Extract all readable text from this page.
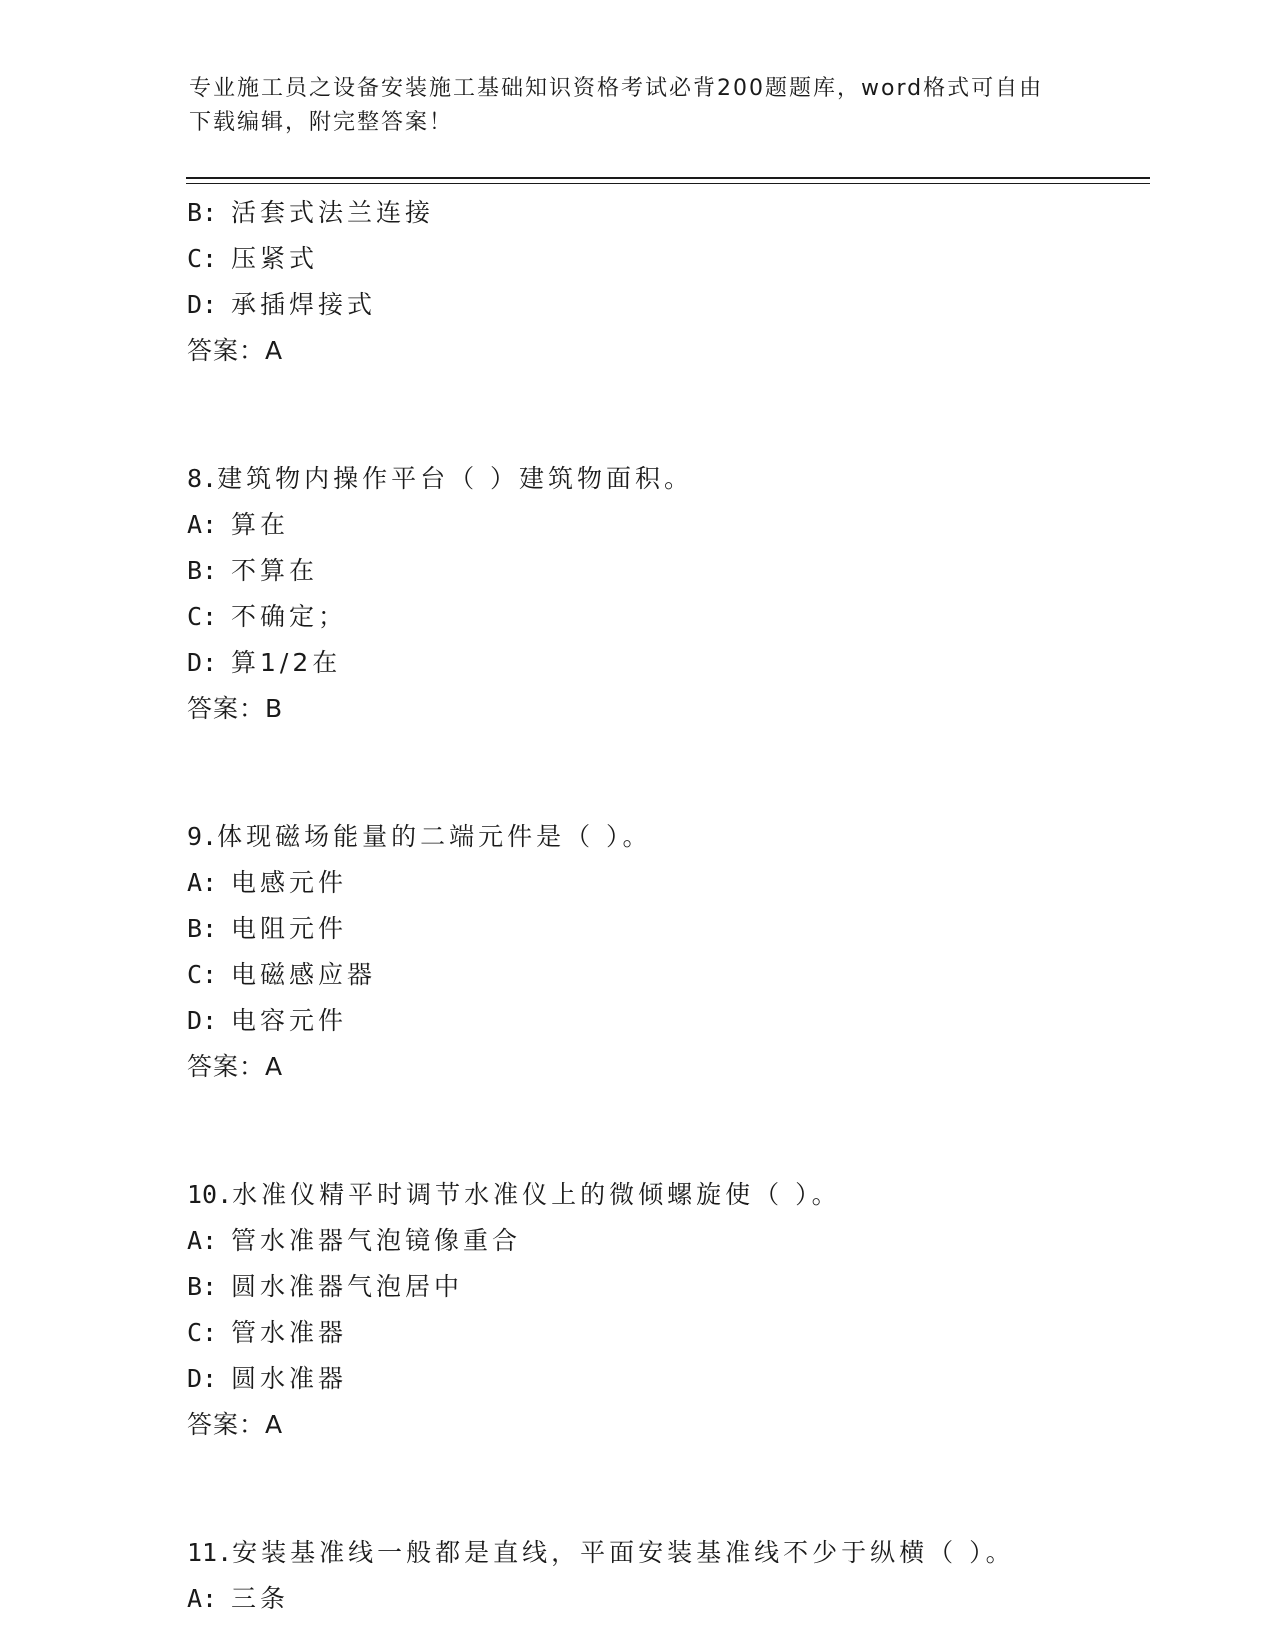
专业施工员之设备安装施工基础知识资格考试必背200题题库，word格式可自由
下载编辑，附完整答案！
B: 活套式法兰连接
C: 压紧式
D: 承插焊接式
答案：A
8.建筑物内操作平台（ ）建筑物面积。
A: 算在
B: 不算在
C: 不确定；
D: 算1/2在
答案：B
9.体现磁场能量的二端元件是（ ）。
A: 电感元件
B: 电阻元件
C: 电磁感应器
D: 电容元件
答案：A
10.水准仪精平时调节水准仪上的微倾螺旋使（ ）。
A: 管水准器气泡镜像重合
B: 圆水准器气泡居中
C: 管水准器
D: 圆水准器
答案：A
11.安装基准线一般都是直线，平面安装基准线不少于纵横（ ）。
A: 三条
